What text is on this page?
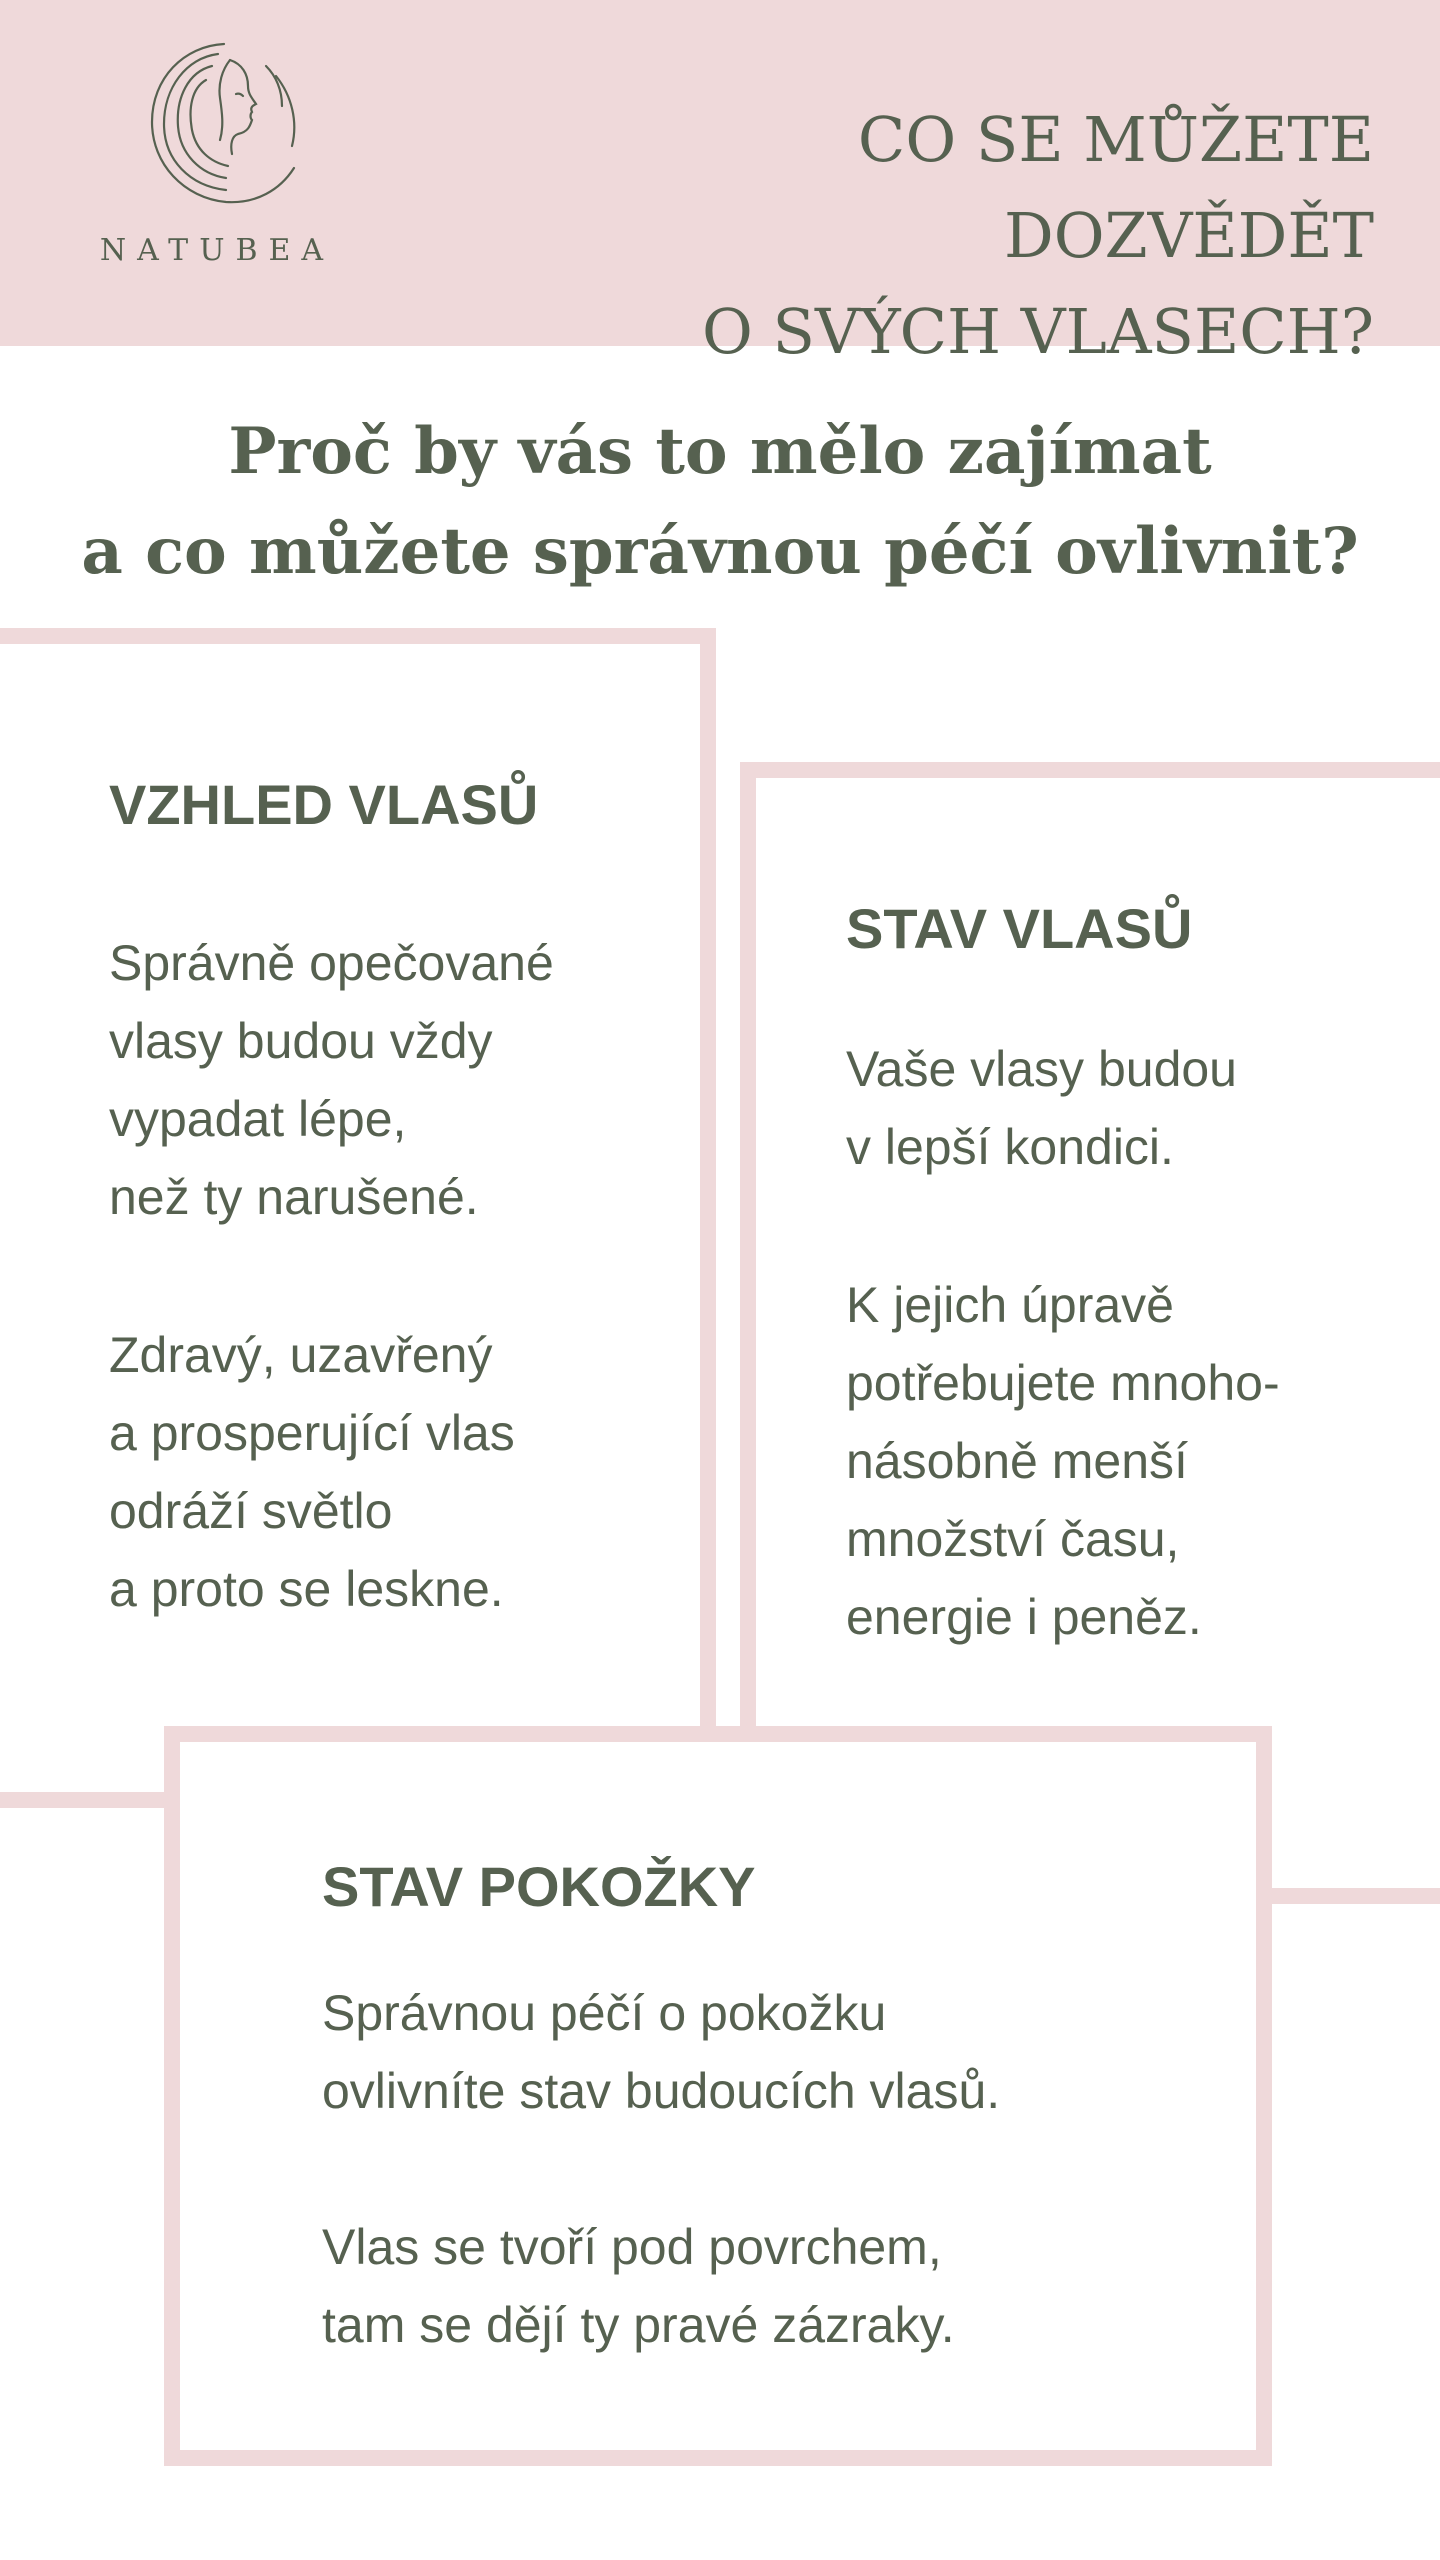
NATUBEA
CO SE MŮŽETE DOZVĚDĚT
O SVÝCH VLASECH?
Proč by vás to mělo zajímat
a co můžete správnou péčí ovlivnit?
VZHLED VLASŮ

Správně opečované
vlasy budou vždy
vypadat lépe,
než ty narušené.

Zdravý, uzavřený
a prosperující vlas
odráží světlo
a proto se leskne.

STAV VLASŮ

Vaše vlasy budou
v lepší kondici.

K jejich úpravě
potřebujete mnoho-
násobně menší
množství času,
energie i peněz.

STAV POKOŽKY

Správnou péčí o pokožku
ovlivníte stav budoucích vlasů.

Vlas se tvoří pod povrchem,
tam se dějí ty pravé zázraky.
